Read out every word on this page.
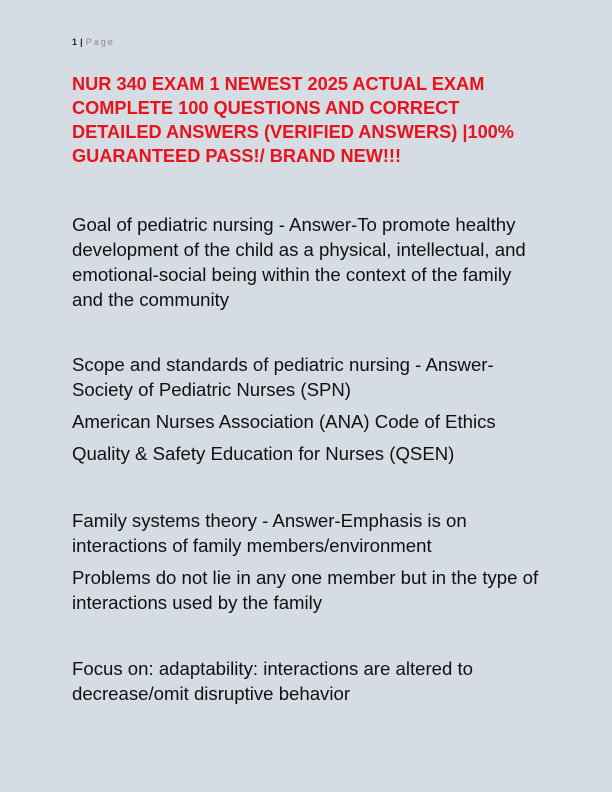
1 | Page
NUR 340 EXAM 1 NEWEST 2025 ACTUAL EXAM COMPLETE 100 QUESTIONS AND CORRECT DETAILED ANSWERS (VERIFIED ANSWERS) |100% GUARANTEED PASS!/ BRAND NEW!!!

Goal of pediatric nursing - Answer-To promote healthy development of the child as a physical, intellectual, and emotional-social being within the context of the family and the community

Scope and standards of pediatric nursing - Answer-Society of Pediatric Nurses (SPN)

American Nurses Association (ANA) Code of Ethics

Quality & Safety Education for Nurses (QSEN)

Family systems theory - Answer-Emphasis is on interactions of family members/environment

Problems do not lie in any one member but in the type of interactions used by the family

Focus on: adaptability: interactions are altered to decrease/omit disruptive behavior
